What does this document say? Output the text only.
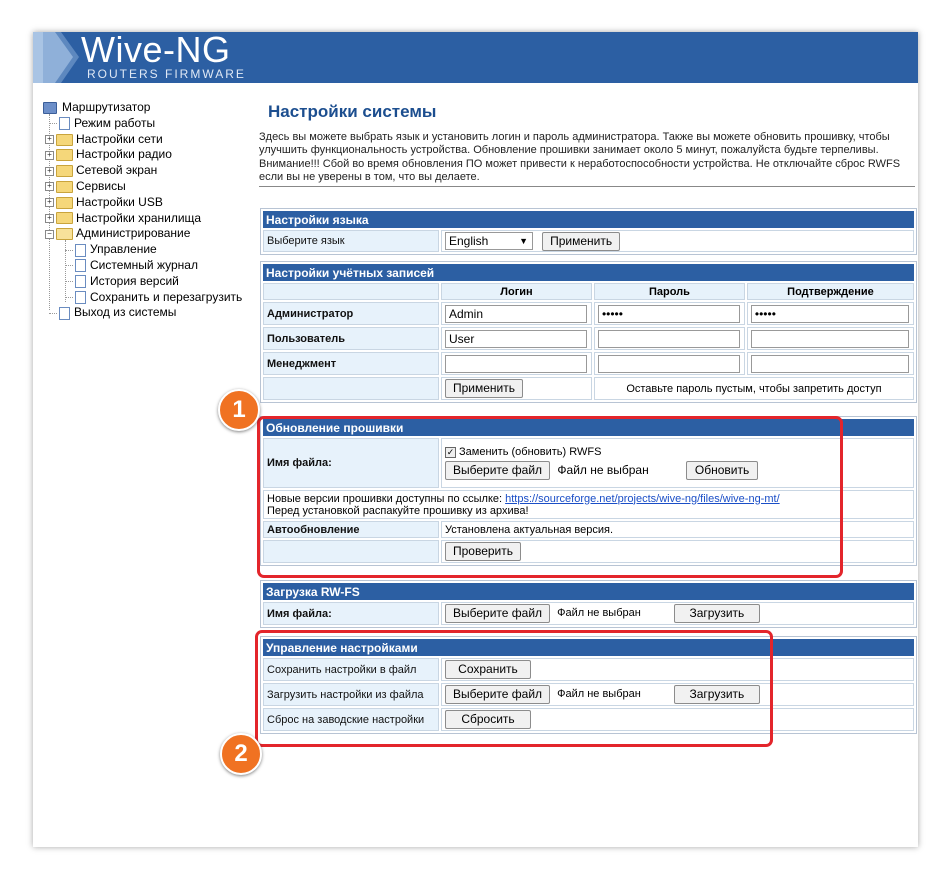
Wive-NG
ROUTERS FIRMWARE
Маршрутизатор
Режим работы
+ Настройки сети
+ Настройки радио
+ Сетевой экран
+ Сервисы
+ Настройки USB
+ Настройки хранилища
− Администрирование
Управление
Системный журнал
История версий
Сохранить и перезагрузить
Выход из системы
Настройки системы
Здесь вы можете выбрать язык и установить логин и пароль администратора. Также вы можете обновить прошивку, чтобы улучшить функциональность устройства. Обновление прошивки занимает около 5 минут, пожалуйста будьте терпеливы. Внимание!!! Сбой во время обновления ПО может привести к неработоспособности устройства. Не отключайте сброс RWFS если вы не уверены в том, что вы делаете.
Настройки языка
Выберите язык	English	▼ Применить
Настройки учётных записей			
	Логин	Пароль	Подтверждение
Администратор	Admin	•••••	•••••
Пользователь	User		
Менеджмент			
	Применить	Оставьте пароль пустым, чтобы запретить доступ	
Обновление прошивки	
Имя файла:	✓ Заменить (обновить) RWFS
Выберите файл Файл не выбран Обновить

Новые версии прошивки доступны по ссылке: https://sourceforge.net/projects/wive-ng/files/wive-ng-mt/
Перед установкой распакуйте прошивку из архива!	
Автообновление	Установлена актуальная версия.
	Проверить
Загрузка RW-FS
Имя файла:	Выберите файл Файл не выбран	Загрузить
Управление настройками	
Сохранить настройки в файл	Сохранить
Загрузить настройки из файла	Выберите файл Файл не выбран Загрузить
Сброс на заводские настройки	Сбросить
1
2
